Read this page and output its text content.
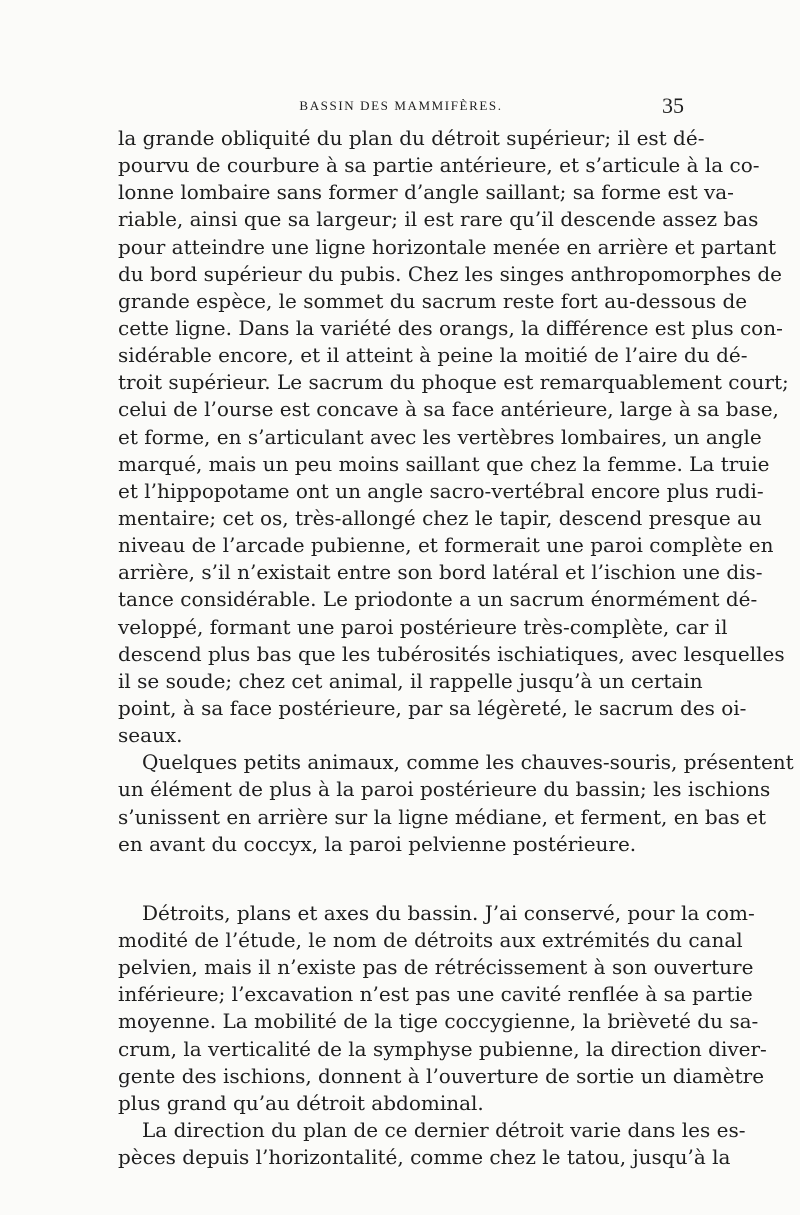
BASSIN DES MAMMIFÈRES.	35
la grande obliquité du plan du détroit supérieur; il est dé-
pourvu de courbure à sa partie antérieure, et s’articule à la co-
lonne lombaire sans former d’angle saillant; sa forme est va-
riable, ainsi que sa largeur; il est rare qu’il descende assez bas
pour atteindre une ligne horizontale menée en arrière et partant
du bord supérieur du pubis. Chez les singes anthropomorphes de
grande espèce, le sommet du sacrum reste fort au-dessous de
cette ligne. Dans la variété des orangs, la différence est plus con-
sidérable encore, et il atteint à peine la moitié de l’aire du dé-
troit supérieur. Le sacrum du phoque est remarquablement court;
celui de l’ourse est concave à sa face antérieure, large à sa base,
et forme, en s’articulant avec les vertèbres lombaires, un angle
marqué, mais un peu moins saillant que chez la femme. La truie
et l’hippopotame ont un angle sacro-vertébral encore plus rudi-
mentaire; cet os, très-allongé chez le tapir, descend presque au
niveau de l’arcade pubienne, et formerait une paroi complète en
arrière, s’il n’existait entre son bord latéral et l’ischion une dis-
tance considérable. Le priodonte a un sacrum énormément dé-
veloppé, formant une paroi postérieure très-complète, car il
descend plus bas que les tubérosités ischiatiques, avec lesquelles
il se soude; chez cet animal, il rappelle jusqu’à un certain
point, à sa face postérieure, par sa légèreté, le sacrum des oi-
seaux.
Quelques petits animaux, comme les chauves-souris, présentent
un élément de plus à la paroi postérieure du bassin; les ischions
s’unissent en arrière sur la ligne médiane, et ferment, en bas et
en avant du coccyx, la paroi pelvienne postérieure.
Détroits, plans et axes du bassin. J’ai conservé, pour la com-
modité de l’étude, le nom de détroits aux extrémités du canal
pelvien, mais il n’existe pas de rétrécissement à son ouverture
inférieure; l’excavation n’est pas une cavité renflée à sa partie
moyenne. La mobilité de la tige coccygienne, la brièveté du sa-
crum, la verticalité de la symphyse pubienne, la direction diver-
gente des ischions, donnent à l’ouverture de sortie un diamètre
plus grand qu’au détroit abdominal.
La direction du plan de ce dernier détroit varie dans les es-
pèces depuis l’horizontalité, comme chez le tatou, jusqu’à la
